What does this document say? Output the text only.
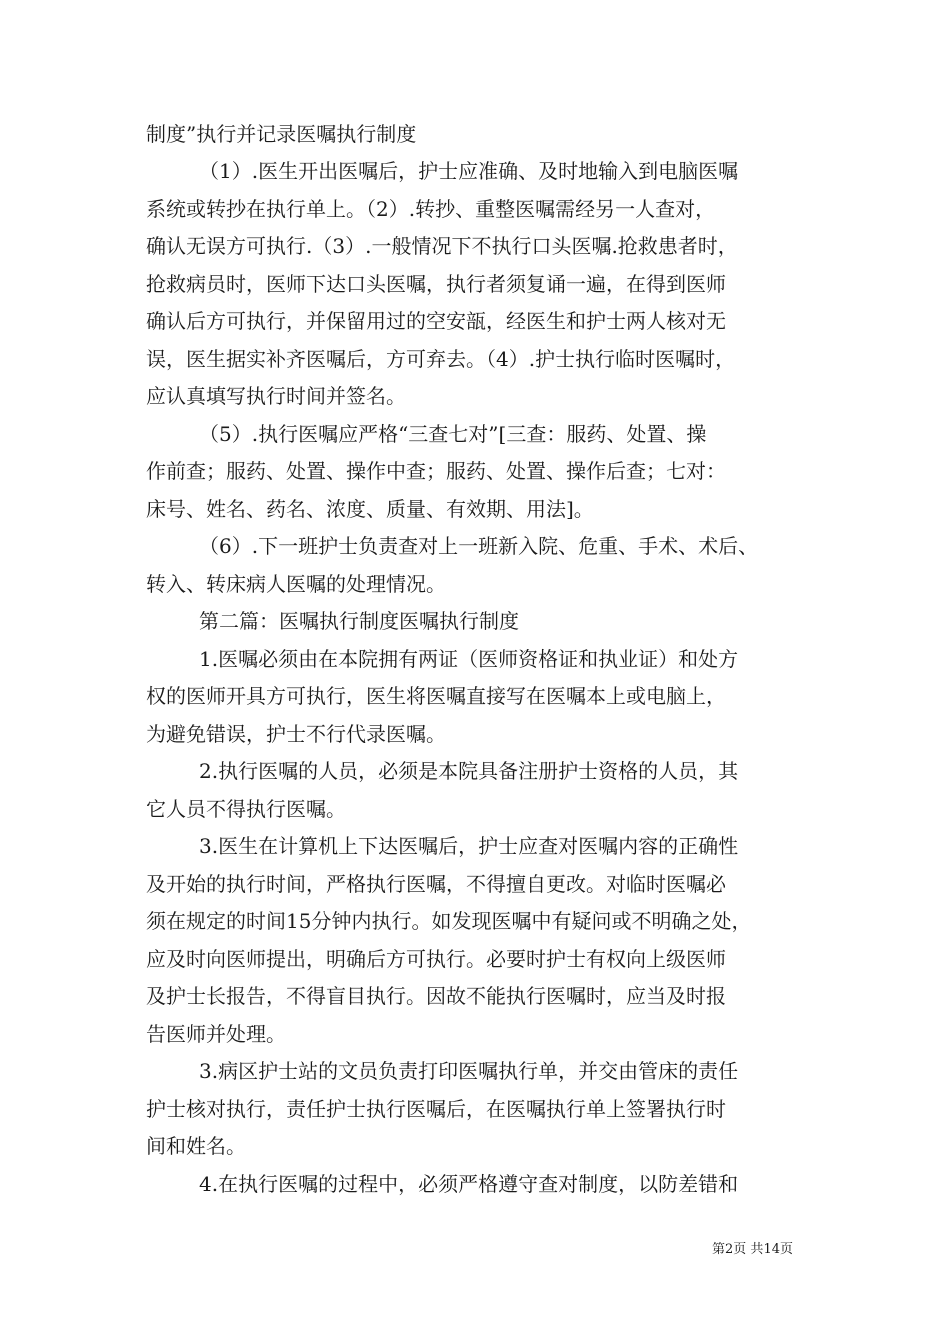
制度”执行并记录医嘱执行制度
（1）.医生开出医嘱后，护士应准确、及时地输入到电脑医嘱
系统或转抄在执行单上。（2）.转抄、重整医嘱需经另一人查对，
确认无误方可执行.（3）.一般情况下不执行口头医嘱.抢救患者时，
抢救病员时，医师下达口头医嘱，执行者须复诵一遍，在得到医师
确认后方可执行，并保留用过的空安瓿，经医生和护士两人核对无
误，医生据实补齐医嘱后，方可弃去。（4）.护士执行临时医嘱时，
应认真填写执行时间并签名。
（5）.执行医嘱应严格“三查七对”[三查：服药、处置、操
作前查；服药、处置、操作中查；服药、处置、操作后查；七对：
床号、姓名、药名、浓度、质量、有效期、用法]。
（6）.下一班护士负责查对上一班新入院、危重、手术、术后、
转入、转床病人医嘱的处理情况。
第二篇：医嘱执行制度医嘱执行制度
1.医嘱必须由在本院拥有两证（医师资格证和执业证）和处方
权的医师开具方可执行，医生将医嘱直接写在医嘱本上或电脑上，
为避免错误，护士不行代录医嘱。
2.执行医嘱的人员，必须是本院具备注册护士资格的人员，其
它人员不得执行医嘱。
3.医生在计算机上下达医嘱后，护士应查对医嘱内容的正确性
及开始的执行时间，严格执行医嘱，不得擅自更改。对临时医嘱必
须在规定的时间15分钟内执行。如发现医嘱中有疑问或不明确之处，
应及时向医师提出，明确后方可执行。必要时护士有权向上级医师
及护士长报告，不得盲目执行。因故不能执行医嘱时，应当及时报
告医师并处理。
3.病区护士站的文员负责打印医嘱执行单，并交由管床的责任
护士核对执行，责任护士执行医嘱后，在医嘱执行单上签署执行时
间和姓名。
4.在执行医嘱的过程中，必须严格遵守查对制度，以防差错和
第2页 共14页
